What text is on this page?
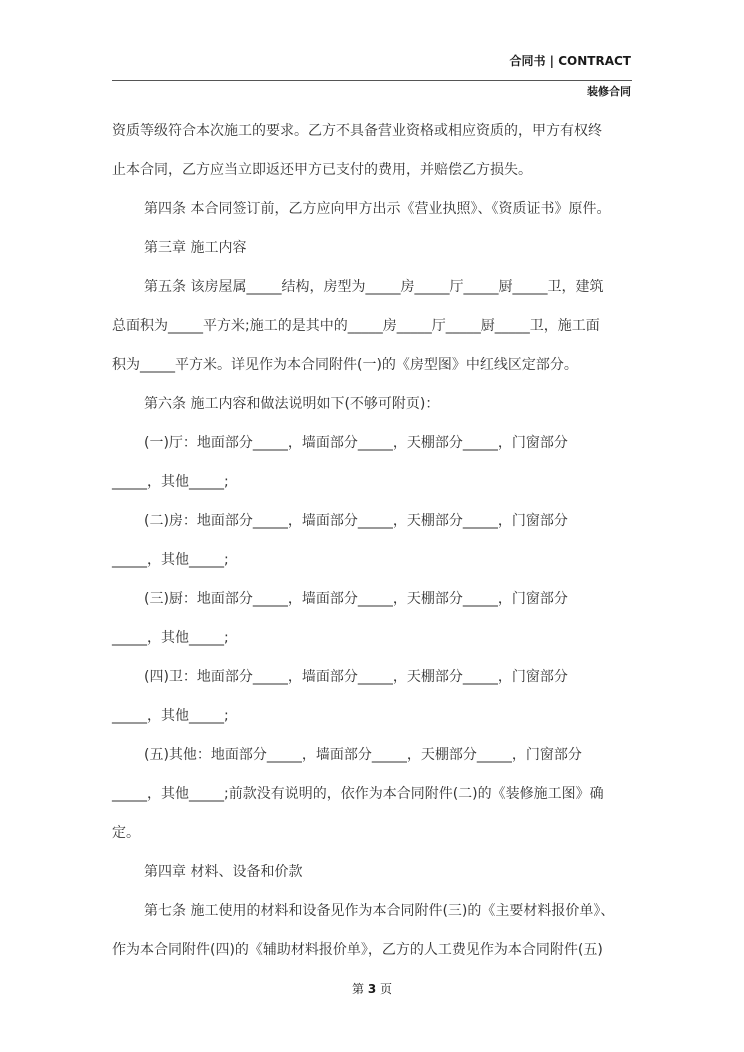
合同书 | CONTRACT
装修合同
资质等级符合本次施工的要求。乙方不具备营业资格或相应资质的，甲方有权终
止本合同，乙方应当立即返还甲方已支付的费用，并赔偿乙方损失。
第四条 本合同签订前，乙方应向甲方出示《营业执照》、《资质证书》原件。
第三章 施工内容
第五条 该房屋属_____结构，房型为_____房_____厅_____厨_____卫，建筑
总面积为_____平方米;施工的是其中的_____房_____厅_____厨_____卫，施工面
积为_____平方米。详见作为本合同附件(一)的《房型图》中红线区定部分。
第六条 施工内容和做法说明如下(不够可附页)：
(一)厅：地面部分_____，墙面部分_____，天棚部分_____，门窗部分
_____，其他_____;
(二)房：地面部分_____，墙面部分_____，天棚部分_____，门窗部分
_____，其他_____;
(三)厨：地面部分_____，墙面部分_____，天棚部分_____，门窗部分
_____，其他_____;
(四)卫：地面部分_____，墙面部分_____，天棚部分_____，门窗部分
_____，其他_____;
(五)其他：地面部分_____，墙面部分_____，天棚部分_____，门窗部分
_____，其他_____;前款没有说明的，依作为本合同附件(二)的《装修施工图》确
定。
第四章 材料、设备和价款
第七条 施工使用的材料和设备见作为本合同附件(三)的《主要材料报价单》、
作为本合同附件(四)的《辅助材料报价单》，乙方的人工费见作为本合同附件(五)
第 3 页
